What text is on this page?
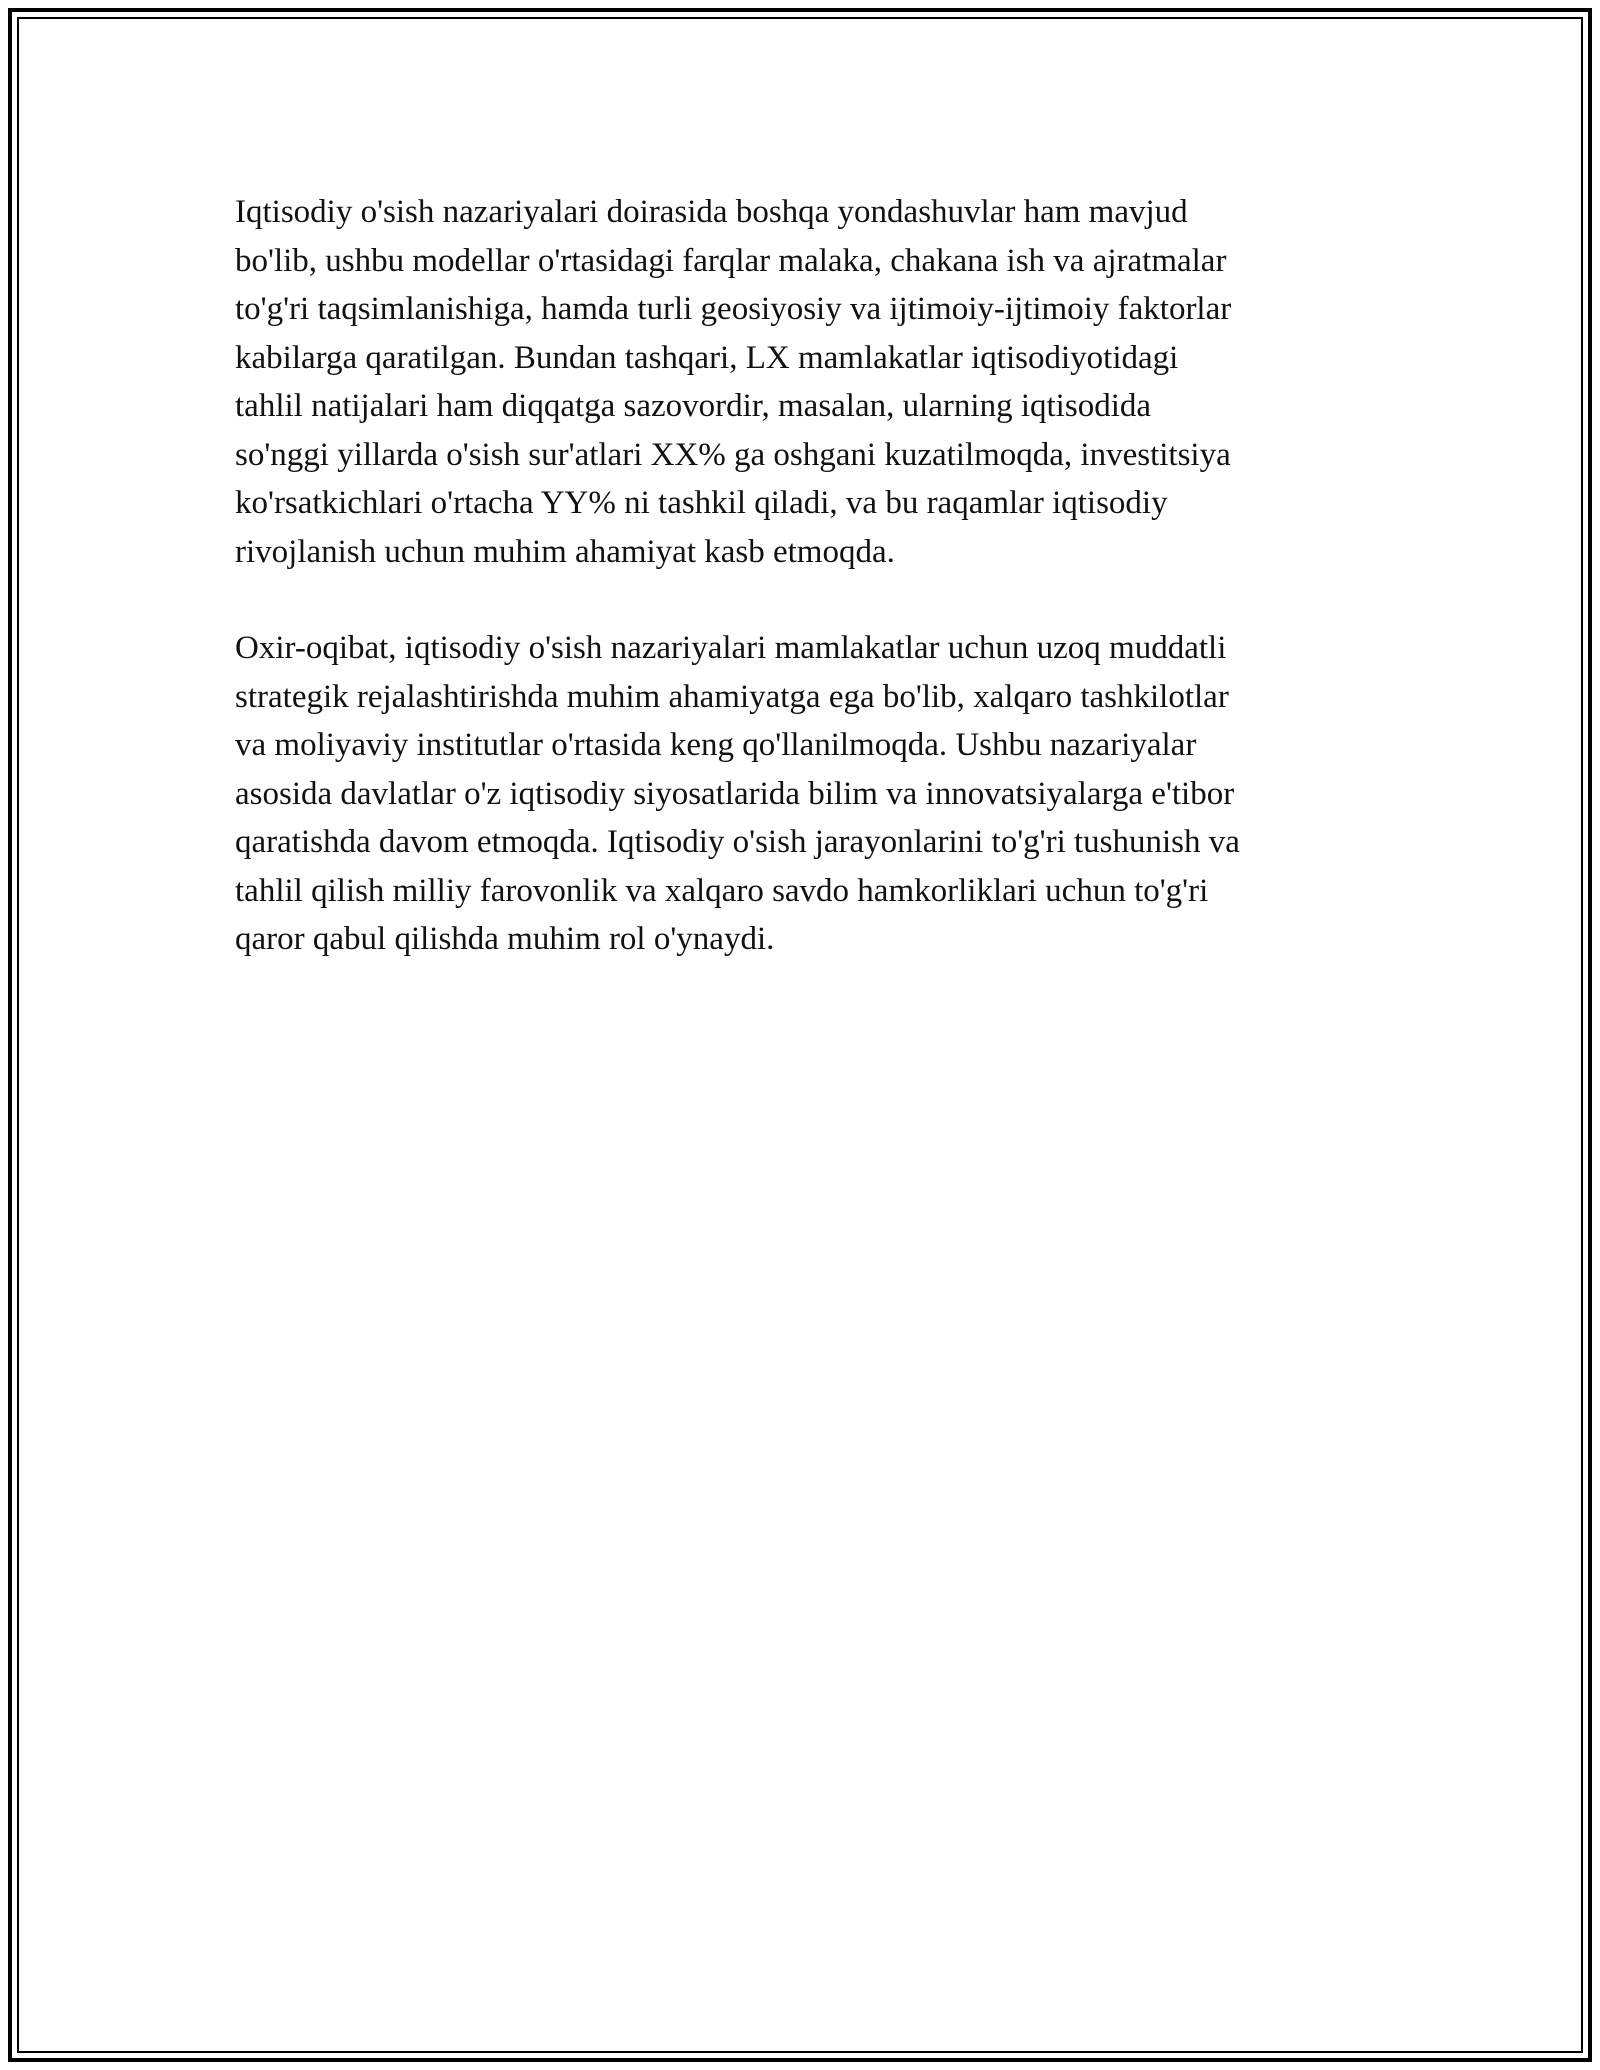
Iqtisodiy o'sish nazariyalari doirasida boshqa yondashuvlar ham mavjud
bo'lib, ushbu modellar o'rtasidagi farqlar malaka, chakana ish va ajratmalar
to'g'ri taqsimlanishiga, hamda turli geosiyosiy va ijtimoiy-ijtimoiy faktorlar
kabilarga qaratilgan. Bundan tashqari, LX mamlakatlar iqtisodiyotidagi
tahlil natijalari ham diqqatga sazovordir, masalan, ularning iqtisodida
so'nggi yillarda o'sish sur'atlari XX% ga oshgani kuzatilmoqda, investitsiya
ko'rsatkichlari o'rtacha YY% ni tashkil qiladi, va bu raqamlar iqtisodiy
rivojlanish uchun muhim ahamiyat kasb etmoqda.

Oxir-oqibat, iqtisodiy o'sish nazariyalari mamlakatlar uchun uzoq muddatli
strategik rejalashtirishda muhim ahamiyatga ega bo'lib, xalqaro tashkilotlar
va moliyaviy institutlar o'rtasida keng qo'llanilmoqda. Ushbu nazariyalar
asosida davlatlar o'z iqtisodiy siyosatlarida bilim va innovatsiyalarga e'tibor
qaratishda davom etmoqda. Iqtisodiy o'sish jarayonlarini to'g'ri tushunish va
tahlil qilish milliy farovonlik va xalqaro savdo hamkorliklari uchun to'g'ri
qaror qabul qilishda muhim rol o'ynaydi.
